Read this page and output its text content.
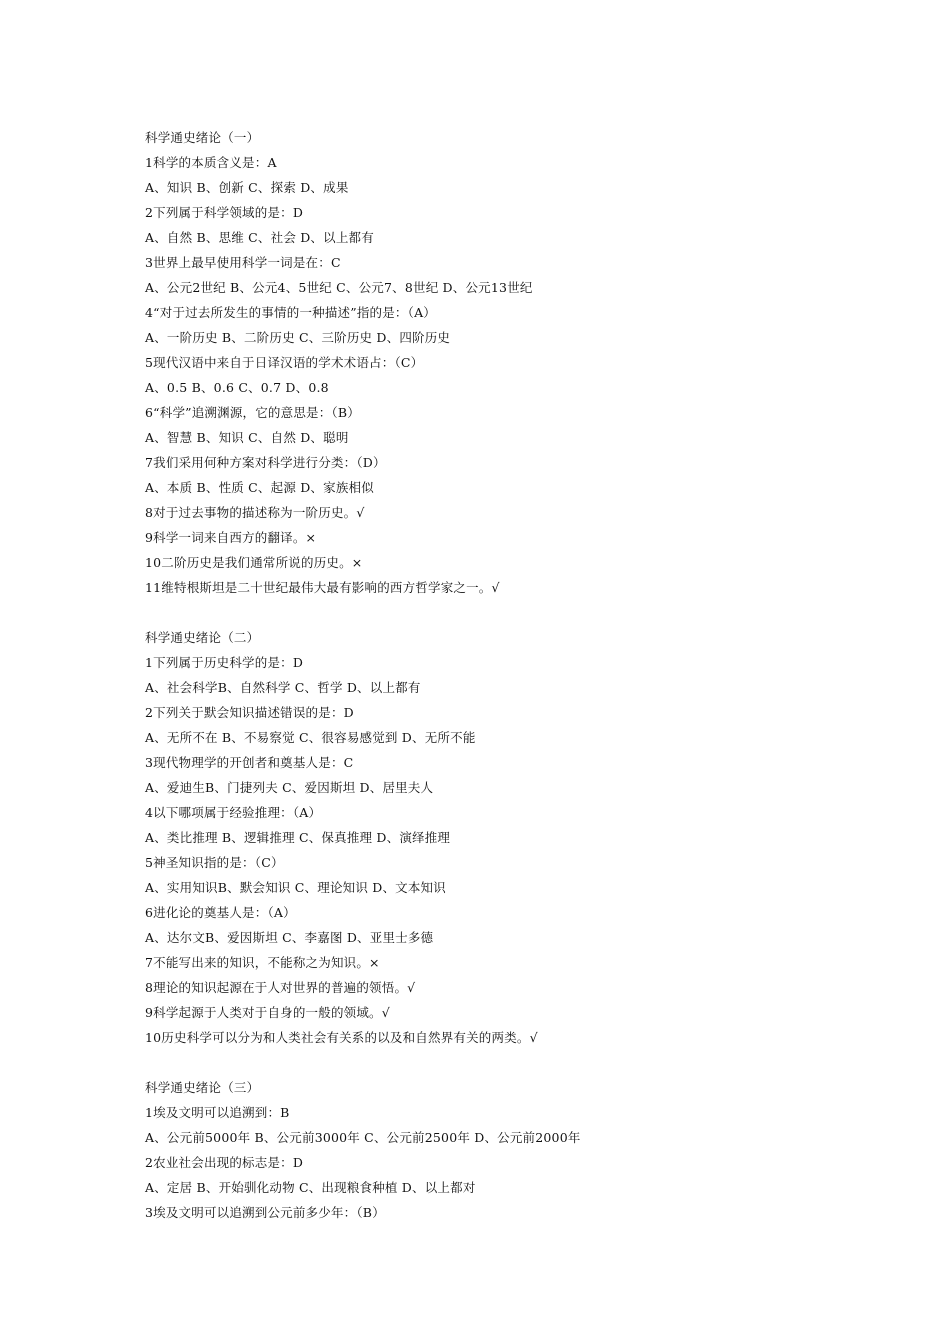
科学通史绪论（一）
1科学的本质含义是：A
A、知识 B、创新 C、探索 D、成果
2下列属于科学领域的是：D
A、自然 B、思维 C、社会 D、以上都有
3世界上最早使用科学一词是在：C
A、公元2世纪 B、公元4、5世纪 C、公元7、8世纪 D、公元13世纪
4“对于过去所发生的事情的一种描述”指的是：（A）
A、一阶历史 B、二阶历史 C、三阶历史 D、四阶历史
5现代汉语中来自于日译汉语的学术术语占：（C）
A、0.5 B、0.6 C、0.7 D、0.8
6“科学”追溯渊源，它的意思是：（B）
A、智慧 B、知识 C、自然 D、聪明
7我们采用何种方案对科学进行分类：（D）
A、本质 B、性质 C、起源 D、家族相似
8对于过去事物的描述称为一阶历史。√
9科学一词来自西方的翻译。×
10二阶历史是我们通常所说的历史。×
11维特根斯坦是二十世纪最伟大最有影响的西方哲学家之一。√
科学通史绪论（二）
1下列属于历史科学的是：D
A、社会科学B、自然科学 C、哲学 D、以上都有
2下列关于默会知识描述错误的是：D
A、无所不在 B、不易察觉 C、很容易感觉到 D、无所不能
3现代物理学的开创者和奠基人是：C
A、爱迪生B、门捷列夫 C、爱因斯坦 D、居里夫人
4以下哪项属于经验推理：（A）
A、类比推理 B、逻辑推理 C、保真推理 D、演绎推理
5神圣知识指的是：（C）
A、实用知识B、默会知识 C、理论知识 D、文本知识
6进化论的奠基人是：（A）
A、达尔文B、爱因斯坦 C、李嘉图 D、亚里士多德
7不能写出来的知识，不能称之为知识。×
8理论的知识起源在于人对世界的普遍的领悟。√
9科学起源于人类对于自身的一般的领域。√
10历史科学可以分为和人类社会有关系的以及和自然界有关的两类。√
科学通史绪论（三）
1埃及文明可以追溯到：B
A、公元前5000年 B、公元前3000年 C、公元前2500年 D、公元前2000年
2农业社会出现的标志是：D
A、定居 B、开始驯化动物 C、出现粮食种植 D、以上都对
3埃及文明可以追溯到公元前多少年：（B）
